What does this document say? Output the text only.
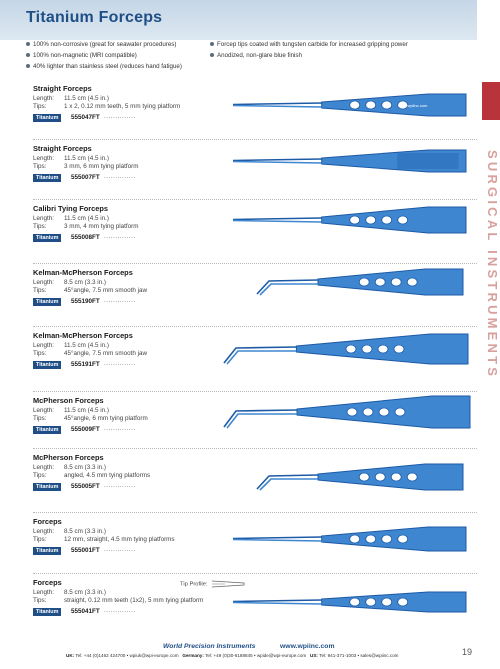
Titanium Forceps
100% non-corrosive (great for seawater procedures)
100% non-magnetic (MRI compatible)
40% lighter than stainless steel (reduces hand fatigue)
Forcep tips coated with tungsten carbide for increased gripping power
Anodized, non-glare blue finish
SURGICAL INSTRUMENTS
Straight Forceps
Length: 11.5 cm (4.5 in.)
Tips:	1 x 2, 0.12 mm teeth, 5 mm tying platform
Titanium	555047FT ..............
www.wpiinc.com
Straight Forceps
Length: 11.5 cm (4.5 in.)
Tips:	3 mm, 6 mm tying platform
Titanium	555007FT ..............
Calibri Tying Forceps
Length: 11.5 cm (4.5 in.)
Tips:	3 mm, 4 mm tying platform
Titanium	555008FT ..............
Kelman-McPherson Forceps
Length: 8.5 cm (3.3 in.)
Tips:	45°angle, 7.5 mm smooth jaw
Titanium	555190FT ..............
Kelman-McPherson Forceps
Length: 11.5 cm (4.5 in.)
Tips:	45°angle, 7.5 mm smooth jaw
Titanium	555191FT ..............
McPherson Forceps
Length: 11.5 cm (4.5 in.)
Tips:	45°angle, 6 mm tying platform
Titanium	555009FT ..............
McPherson Forceps
Length: 8.5 cm (3.3 in.)
Tips:	angled, 4.5 mm tying platforms
Titanium	555005FT ..............
Forceps
Length: 8.5 cm (3.3 in.)
Tips:	12 mm, straight, 4.5 mm tying platforms
Titanium	555001FT ..............
Forceps
Length: 8.5 cm (3.3 in.)
Tips:	straight, 0.12 mm teeth (1x2), 5 mm tying platform
Titanium	555041FT ..............
Tip Profile:
World Precision Instruments	www.wpiinc.com
UK: Tel: +44 (0)1462 424700 • wpiuk@wpi-europe.com Germany: Tel: +49 (0)30-6188845 • wpide@wpi-europe.com US: Tel: 941-371-1003 • sales@wpiinc.com	19
